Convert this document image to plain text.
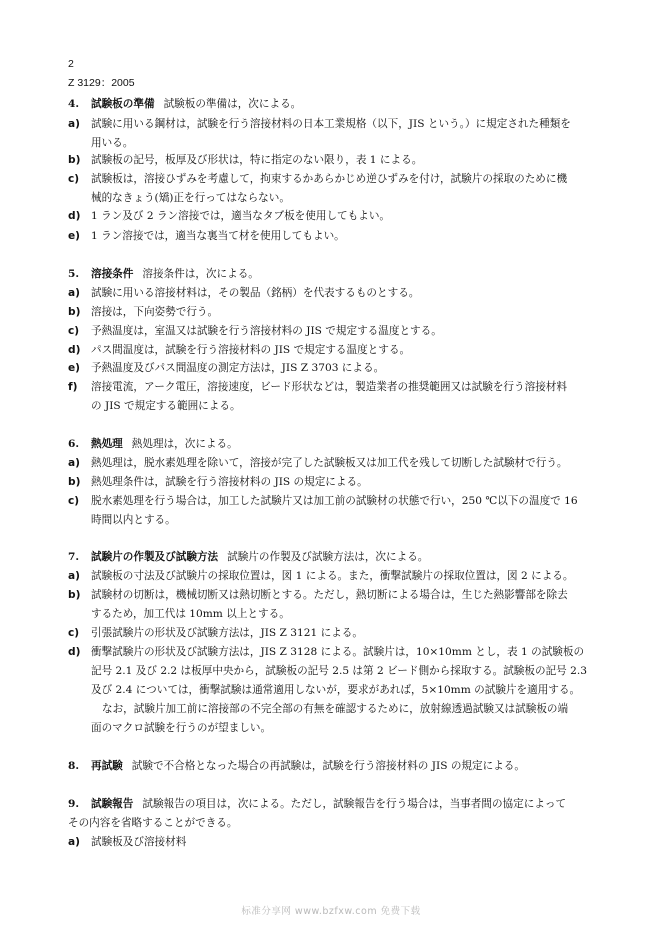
2
Z 3129：2005
4. 試験板の準備 試験板の準備は，次による。
a) 試験に用いる鋼材は，試験を行う溶接材料の日本工業規格（以下，JIS という。）に規定された種類を
用いる。
b) 試験板の記号，板厚及び形状は，特に指定のない限り，表 1 による。
c) 試験板は，溶接ひずみを考慮して，拘束するかあらかじめ逆ひずみを付け，試験片の採取のために機
械的なきょう(矯)正を行ってはならない。
d) 1 ラン及び 2 ラン溶接では，適当なタブ板を使用してもよい。
e) 1 ラン溶接では，適当な裏当て材を使用してもよい。
5. 溶接条件 溶接条件は，次による。
a) 試験に用いる溶接材料は，その製品（銘柄）を代表するものとする。
b) 溶接は，下向姿勢で行う。
c) 予熱温度は，室温又は試験を行う溶接材料の JIS で規定する温度とする。
d) パス間温度は，試験を行う溶接材料の JIS で規定する温度とする。
e) 予熱温度及びパス間温度の測定方法は，JIS Z 3703 による。
f) 溶接電流，アーク電圧，溶接速度，ビード形状などは，製造業者の推奨範囲又は試験を行う溶接材料
の JIS で規定する範囲による。
6. 熱処理 熱処理は，次による。
a) 熱処理は，脱水素処理を除いて，溶接が完了した試験板又は加工代を残して切断した試験材で行う。
b) 熱処理条件は，試験を行う溶接材料の JIS の規定による。
c) 脱水素処理を行う場合は，加工した試験片又は加工前の試験材の状態で行い，250 ℃以下の温度で 16
時間以内とする。
7. 試験片の作製及び試験方法 試験片の作製及び試験方法は，次による。
a) 試験板の寸法及び試験片の採取位置は，図 1 による。また，衝撃試験片の採取位置は，図 2 による。
b) 試験材の切断は，機械切断又は熱切断とする。ただし，熱切断による場合は，生じた熱影響部を除去
するため，加工代は 10mm 以上とする。
c) 引張試験片の形状及び試験方法は，JIS Z 3121 による。
d) 衝撃試験片の形状及び試験方法は，JIS Z 3128 による。試験片は，10×10mm とし，表 1 の試験板の
記号 2.1 及び 2.2 は板厚中央から，試験板の記号 2.5 は第 2 ビード側から採取する。試験板の記号 2.3
及び 2.4 については，衝撃試験は通常適用しないが，要求があれば，5×10mm の試験片を適用する。
なお，試験片加工前に溶接部の不完全部の有無を確認するために，放射線透過試験又は試験板の端
面のマクロ試験を行うのが望ましい。
8. 再試験 試験で不合格となった場合の再試験は，試験を行う溶接材料の JIS の規定による。
9. 試験報告 試験報告の項目は，次による。ただし，試験報告を行う場合は，当事者間の協定によって
その内容を省略することができる。
a) 試験板及び溶接材料
标准分享网 www.bzfxw.com 免费下载
